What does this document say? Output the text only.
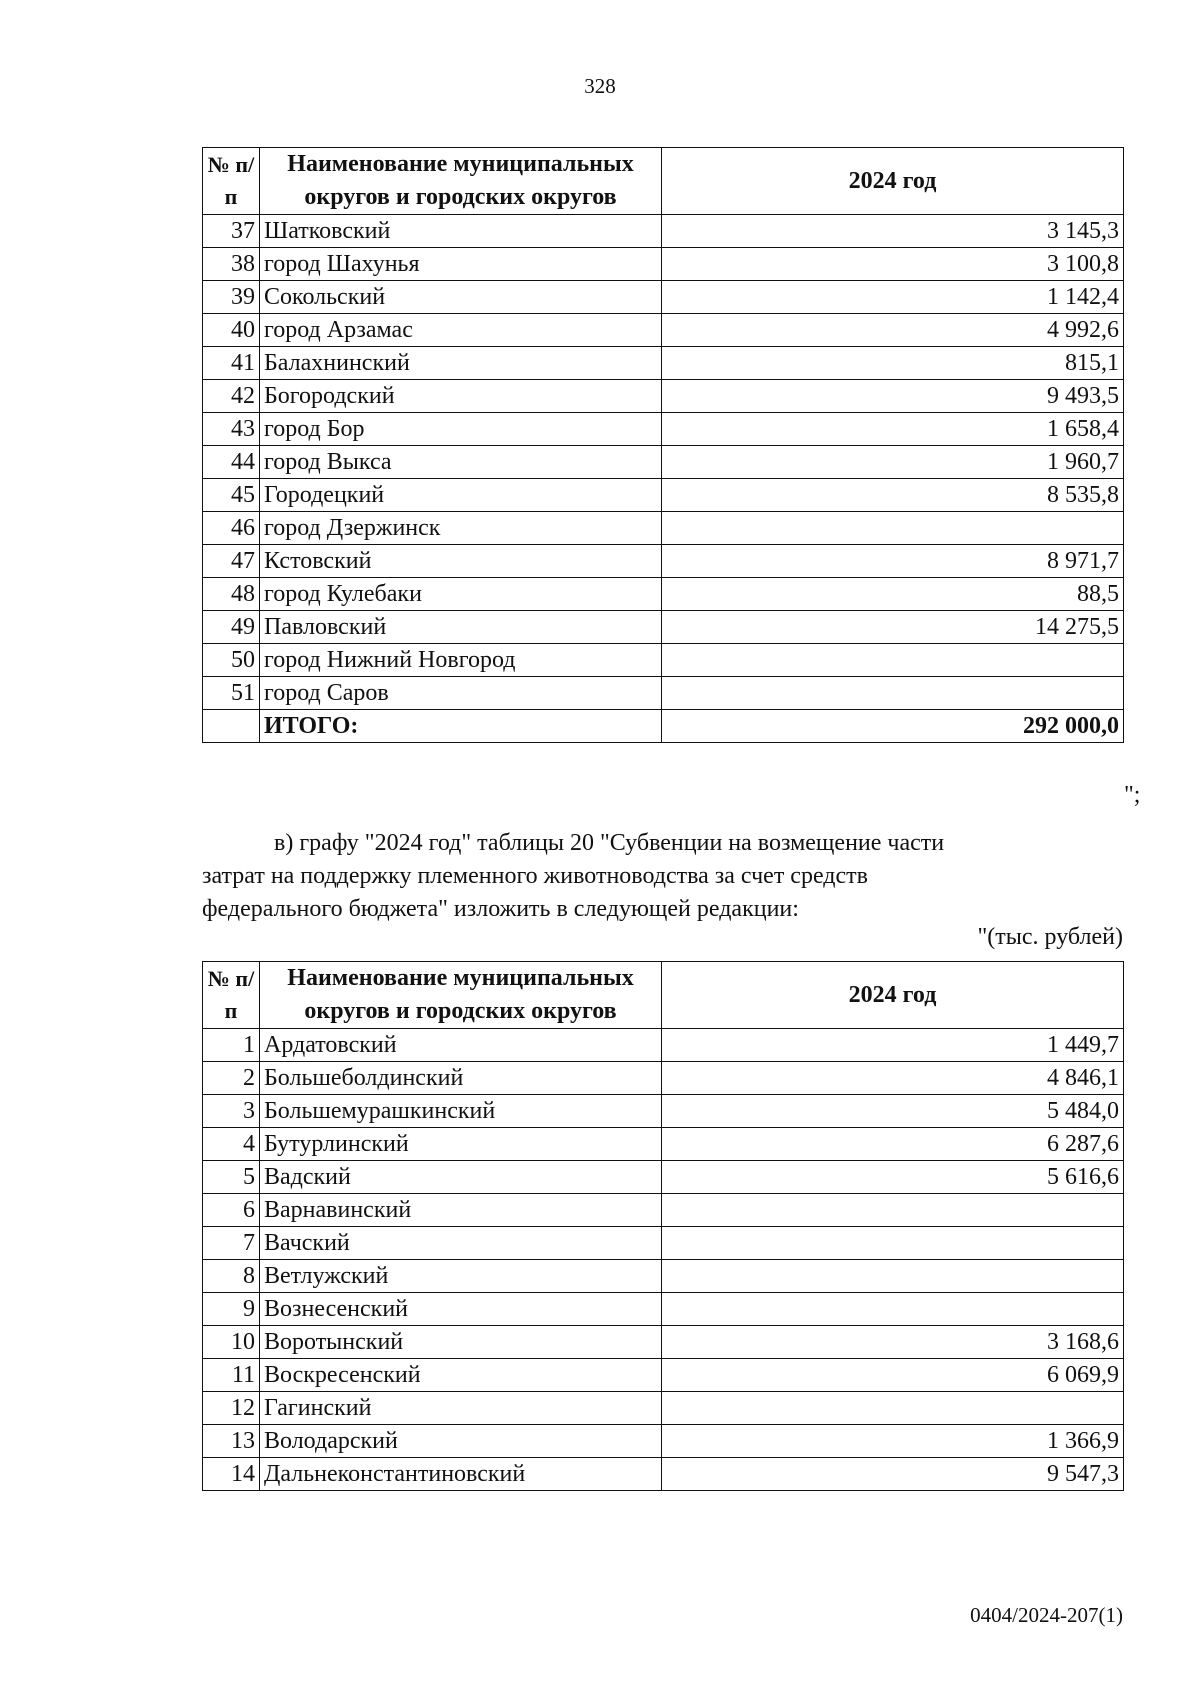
328
№ п/п	Наименование муниципальных округов и городских округов	2024 год
37	Шатковский	3 145,3
38	город Шахунья	3 100,8
39	Сокольский	1 142,4
40	город Арзамас	4 992,6
41	Балахнинский	815,1
42	Богородский	9 493,5
43	город Бор	1 658,4
44	город Выкса	1 960,7
45	Городецкий	8 535,8
46	город Дзержинск	
47	Кстовский	8 971,7
48	город Кулебаки	88,5
49	Павловский	14 275,5
50	город Нижний Новгород	
51	город Саров	
	ИТОГО:	292 000,0
";
в) графу "2024 год" таблицы 20 "Субвенции на возмещение части
затрат на поддержку племенного животноводства за счет средств
федерального бюджета" изложить в следующей редакции:
"(тыс. рублей)
№ п/п	Наименование муниципальных округов и городских округов	2024 год
1	Ардатовский	1 449,7
2	Большеболдинский	4 846,1
3	Большемурашкинский	5 484,0
4	Бутурлинский	6 287,6
5	Вадский	5 616,6
6	Варнавинский	
7	Вачский	
8	Ветлужский	
9	Вознесенский	
10	Воротынский	3 168,6
11	Воскресенский	6 069,9
12	Гагинский	
13	Володарский	1 366,9
14	Дальнеконстантиновский	9 547,3
0404/2024-207(1)
